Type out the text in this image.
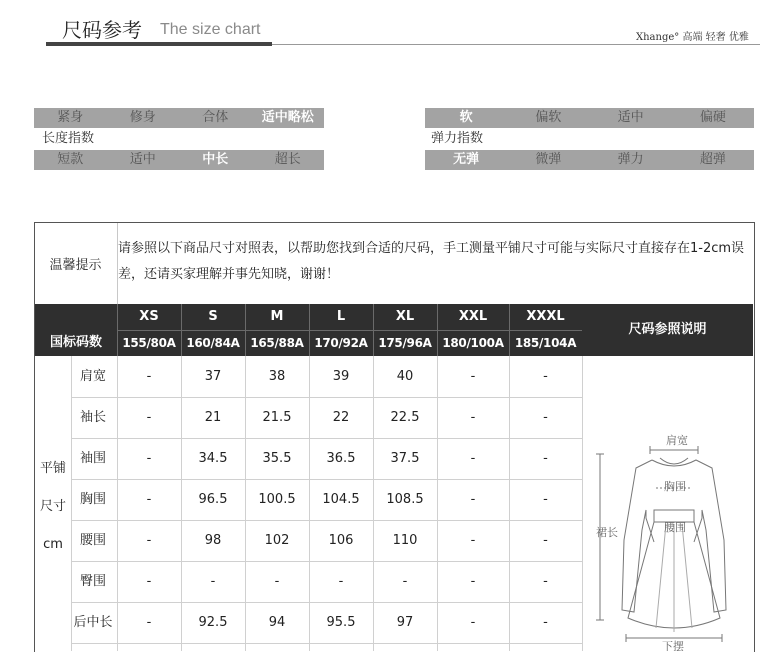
尺码参考 The size chart	Xhange° 高端 轻奢 优雅
紧身	修身	合体	适中略松
长度指数
短款	适中	中长	超长
软	偏软	适中	偏硬
弹力指数
无弹	微弹	弹力	超弹
温馨提示
请参照以下商品尺寸对照表，以帮助您找到合适的尺码，手工测量平铺尺寸可能与实际尺寸直接存在1-2cm误差，还请买家理解并事先知晓，谢谢！
XS	S	M	L	XL	XXL	XXXL
155/80A 160/84A 165/88A 170/92A 175/96A 180/100A 185/104A
国标码数
尺码参照说明
肩宽	-	37	38	39	40	-	-
袖长	-	21	21.5	22	22.5	-	-
袖围	-	34.5	35.5	36.5	37.5	-	-
胸围	-	96.5	100.5	104.5	108.5	-	-
腰围	-	98	102	106	110	-	-
臀围	-	-	-	-	-	-	-
后中长	-	92.5	94	95.5	97	-	-
平铺
尺寸
cm
肩宽
胸围
腰围
裙长
下摆
